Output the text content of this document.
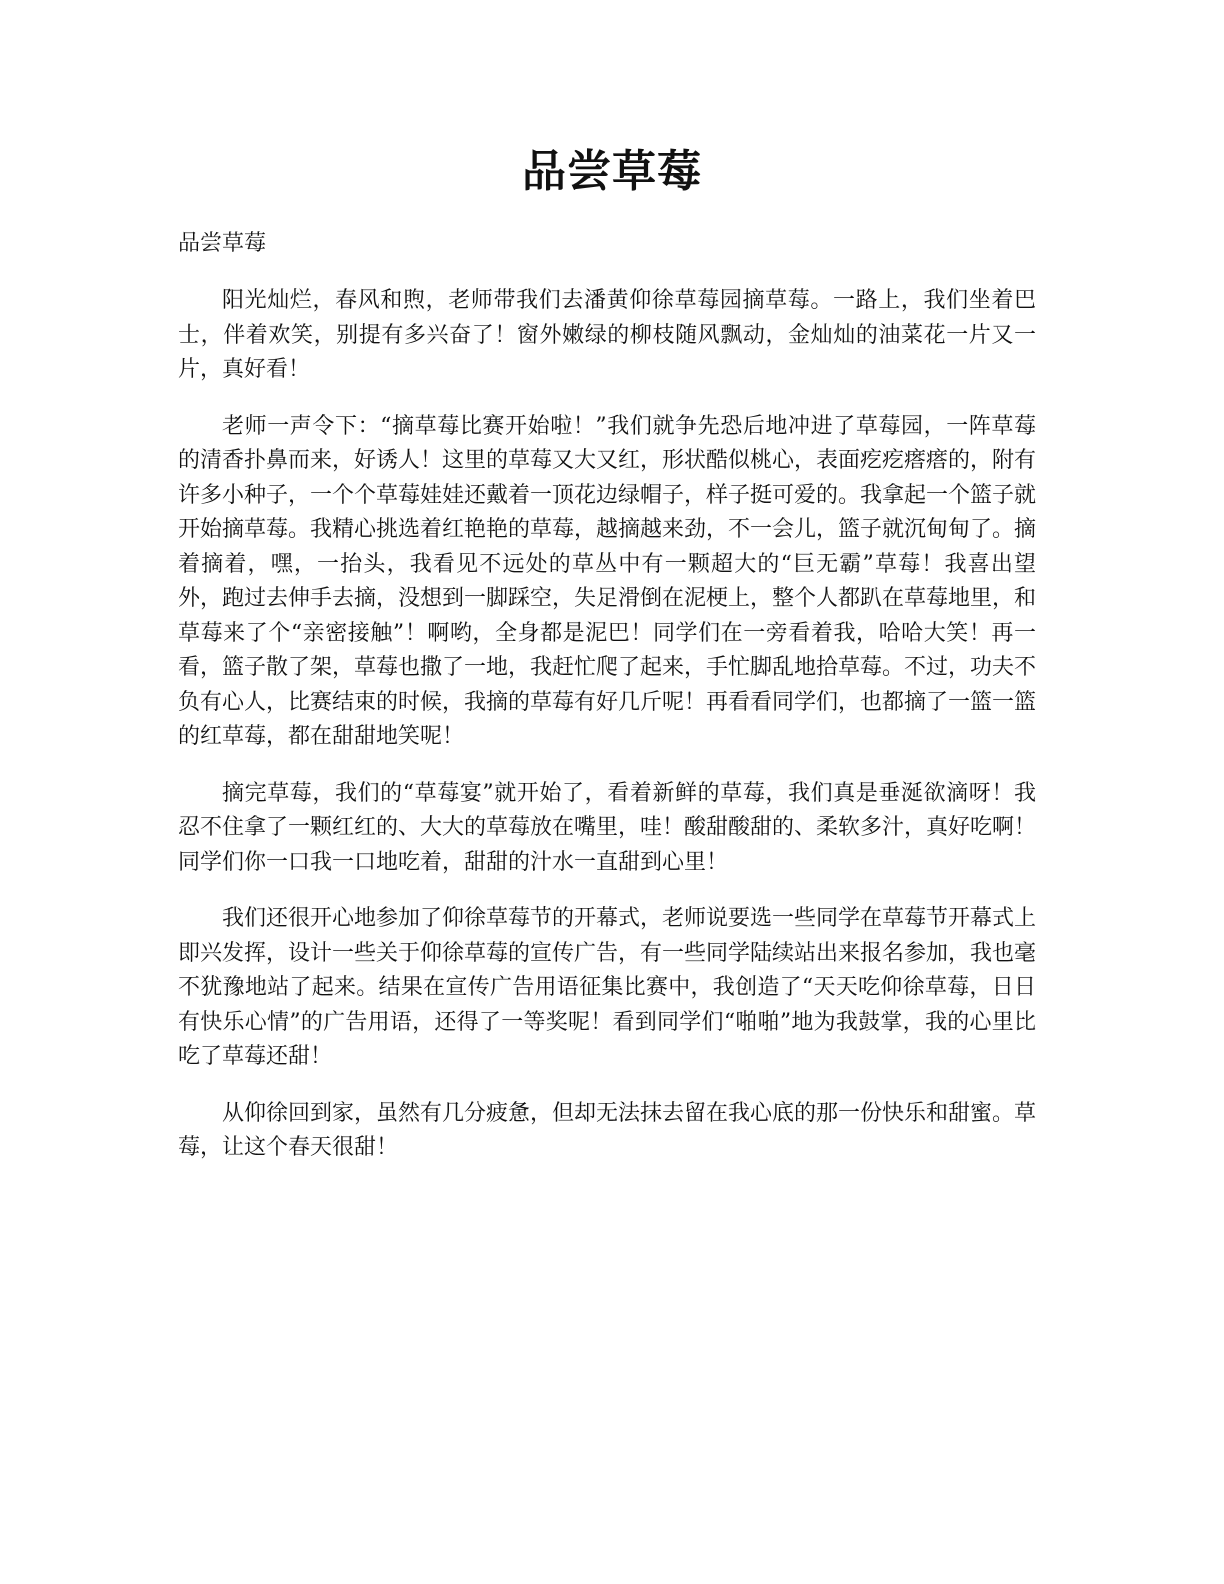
品尝草莓

品尝草莓

阳光灿烂，春风和煦，老师带我们去潘黄仰徐草莓园摘草莓。一路上，我们坐着巴士，伴着欢笑，别提有多兴奋了！窗外嫩绿的柳枝随风飘动，金灿灿的油菜花一片又一片，真好看！

老师一声令下：“摘草莓比赛开始啦！”我们就争先恐后地冲进了草莓园，一阵草莓的清香扑鼻而来，好诱人！这里的草莓又大又红，形状酷似桃心，表面疙疙瘩瘩的，附有许多小种子，一个个草莓娃娃还戴着一顶花边绿帽子，样子挺可爱的。我拿起一个篮子就开始摘草莓。我精心挑选着红艳艳的草莓，越摘越来劲，不一会儿，篮子就沉甸甸了。摘着摘着，嘿，一抬头，我看见不远处的草丛中有一颗超大的“巨无霸”草莓！我喜出望外，跑过去伸手去摘，没想到一脚踩空，失足滑倒在泥梗上，整个人都趴在草莓地里，和草莓来了个“亲密接触”！啊哟，全身都是泥巴！同学们在一旁看着我，哈哈大笑！再一看，篮子散了架，草莓也撒了一地，我赶忙爬了起来，手忙脚乱地拾草莓。不过，功夫不负有心人，比赛结束的时候，我摘的草莓有好几斤呢！再看看同学们，也都摘了一篮一篮的红草莓，都在甜甜地笑呢！

摘完草莓，我们的“草莓宴”就开始了，看着新鲜的草莓，我们真是垂涎欲滴呀！我忍不住拿了一颗红红的、大大的草莓放在嘴里，哇！酸甜酸甜的、柔软多汁，真好吃啊！同学们你一口我一口地吃着，甜甜的汁水一直甜到心里！

我们还很开心地参加了仰徐草莓节的开幕式，老师说要选一些同学在草莓节开幕式上即兴发挥，设计一些关于仰徐草莓的宣传广告，有一些同学陆续站出来报名参加，我也毫不犹豫地站了起来。结果在宣传广告用语征集比赛中，我创造了“天天吃仰徐草莓，日日有快乐心情”的广告用语，还得了一等奖呢！看到同学们“啪啪”地为我鼓掌，我的心里比吃了草莓还甜！

从仰徐回到家，虽然有几分疲惫，但却无法抹去留在我心底的那一份快乐和甜蜜。草莓，让这个春天很甜！
